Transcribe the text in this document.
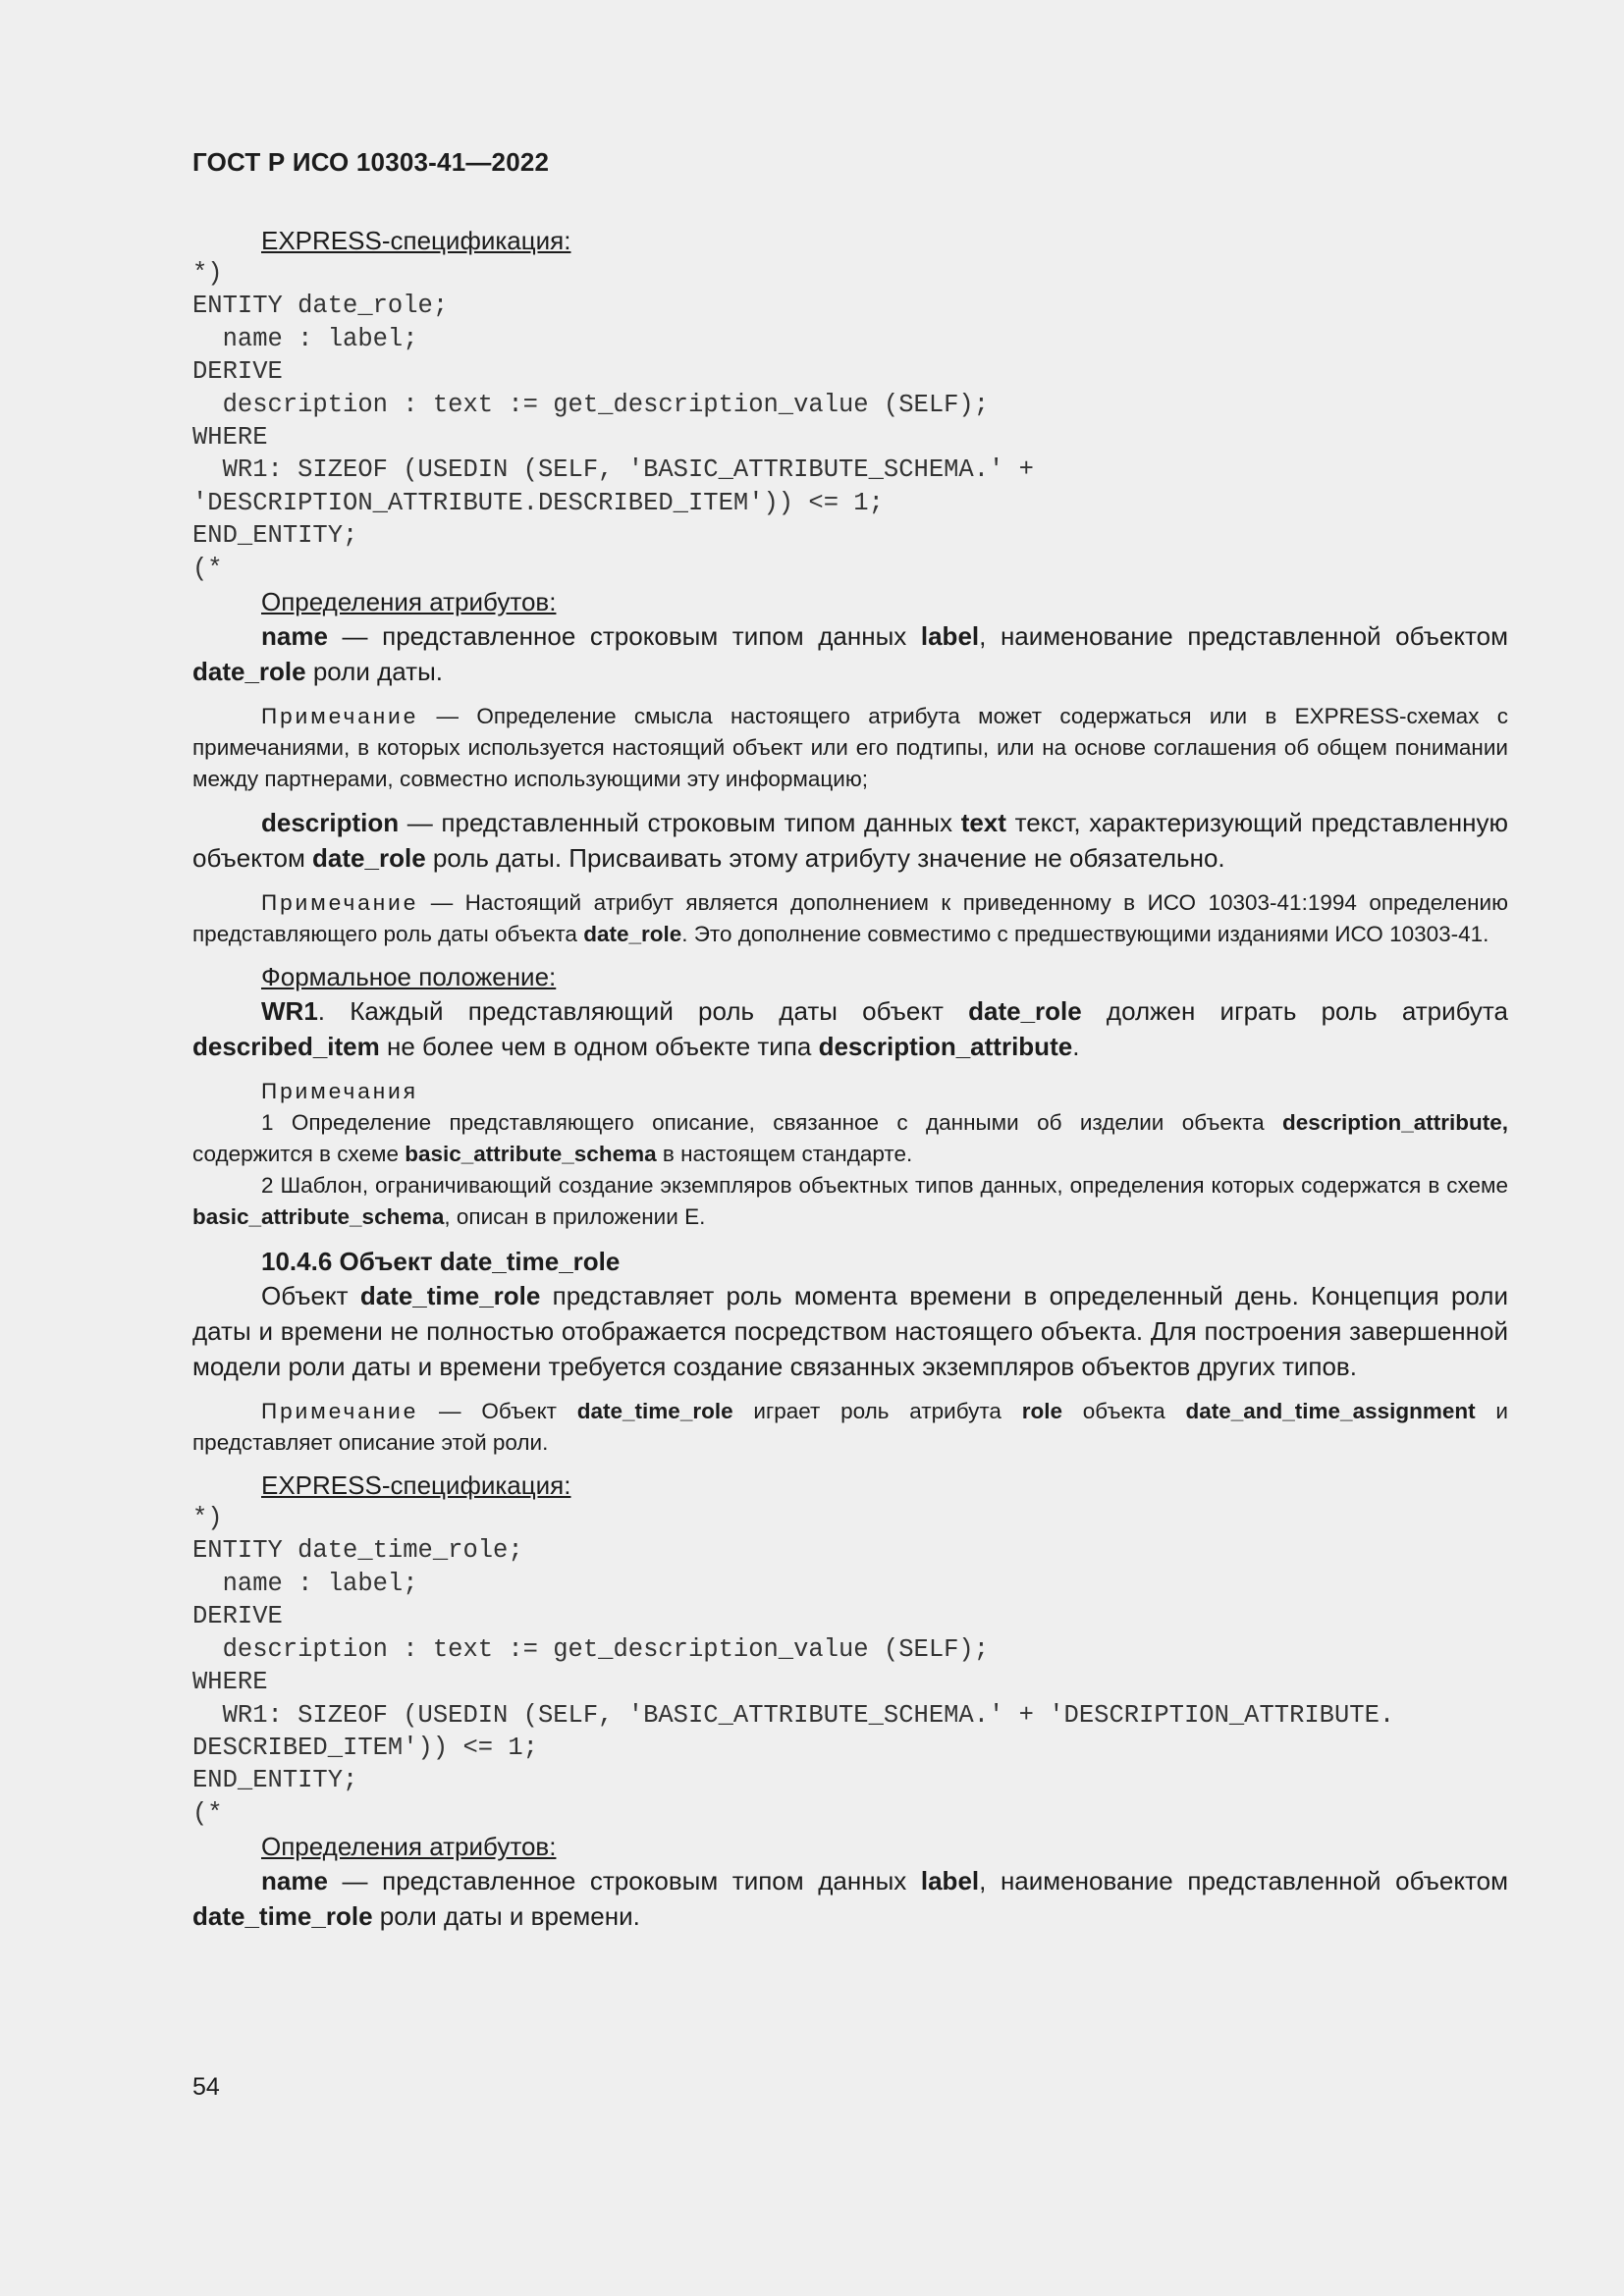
ГОСТ Р ИСО 10303-41—2022
EXPRESS-спецификация:
*)
ENTITY date_role;
name : label;
DERIVE
description : text := get_description_value (SELF);
WHERE
WR1: SIZEOF (USEDIN (SELF, 'BASIC_ATTRIBUTE_SCHEMA.' +
'DESCRIPTION_ATTRIBUTE.DESCRIBED_ITEM')) <= 1;
END_ENTITY;
(*
Определения атрибутов:

name — представленное строковым типом данных label, наименование представленной объектом date_role роли даты.

Примечание — Определение смысла настоящего атрибута может содержаться или в EXPRESS-схемах с примечаниями, в которых используется настоящий объект или его подтипы, или на основе соглашения об общем понимании между партнерами, совместно использующими эту информацию;

description — представленный строковым типом данных text текст, характеризующий представленную объектом date_role роль даты. Присваивать этому атрибуту значение не обязательно.

Примечание — Настоящий атрибут является дополнением к приведенному в ИСО 10303-41:1994 определению представляющего роль даты объекта date_role. Это дополнение совместимо с предшествующими изданиями ИСО 10303-41.

Формальное положение:

WR1. Каждый представляющий роль даты объект date_role должен играть роль атрибута described_item не более чем в одном объекте типа description_attribute.

Примечания

1 Определение представляющего описание, связанное с данными об изделии объекта description_attribute, содержится в схеме basic_attribute_schema в настоящем стандарте.

2 Шаблон, ограничивающий создание экземпляров объектных типов данных, определения которых содержатся в схеме basic_attribute_schema, описан в приложении E.

10.4.6 Объект date_time_role

Объект date_time_role представляет роль момента времени в определенный день. Концепция роли даты и времени не полностью отображается посредством настоящего объекта. Для построения завершенной модели роли даты и времени требуется создание связанных экземпляров объектов других типов.

Примечание — Объект date_time_role играет роль атрибута role объекта date_and_time_assignment и представляет описание этой роли.

EXPRESS-спецификация:
*)
ENTITY date_time_role;
name : label;
DERIVE
description : text := get_description_value (SELF);
WHERE
WR1: SIZEOF (USEDIN (SELF, 'BASIC_ATTRIBUTE_SCHEMA.' + 'DESCRIPTION_ATTRIBUTE.
DESCRIBED_ITEM')) <= 1;
END_ENTITY;
(*
Определения атрибутов:

name — представленное строковым типом данных label, наименование представленной объектом date_time_role роли даты и времени.

54
